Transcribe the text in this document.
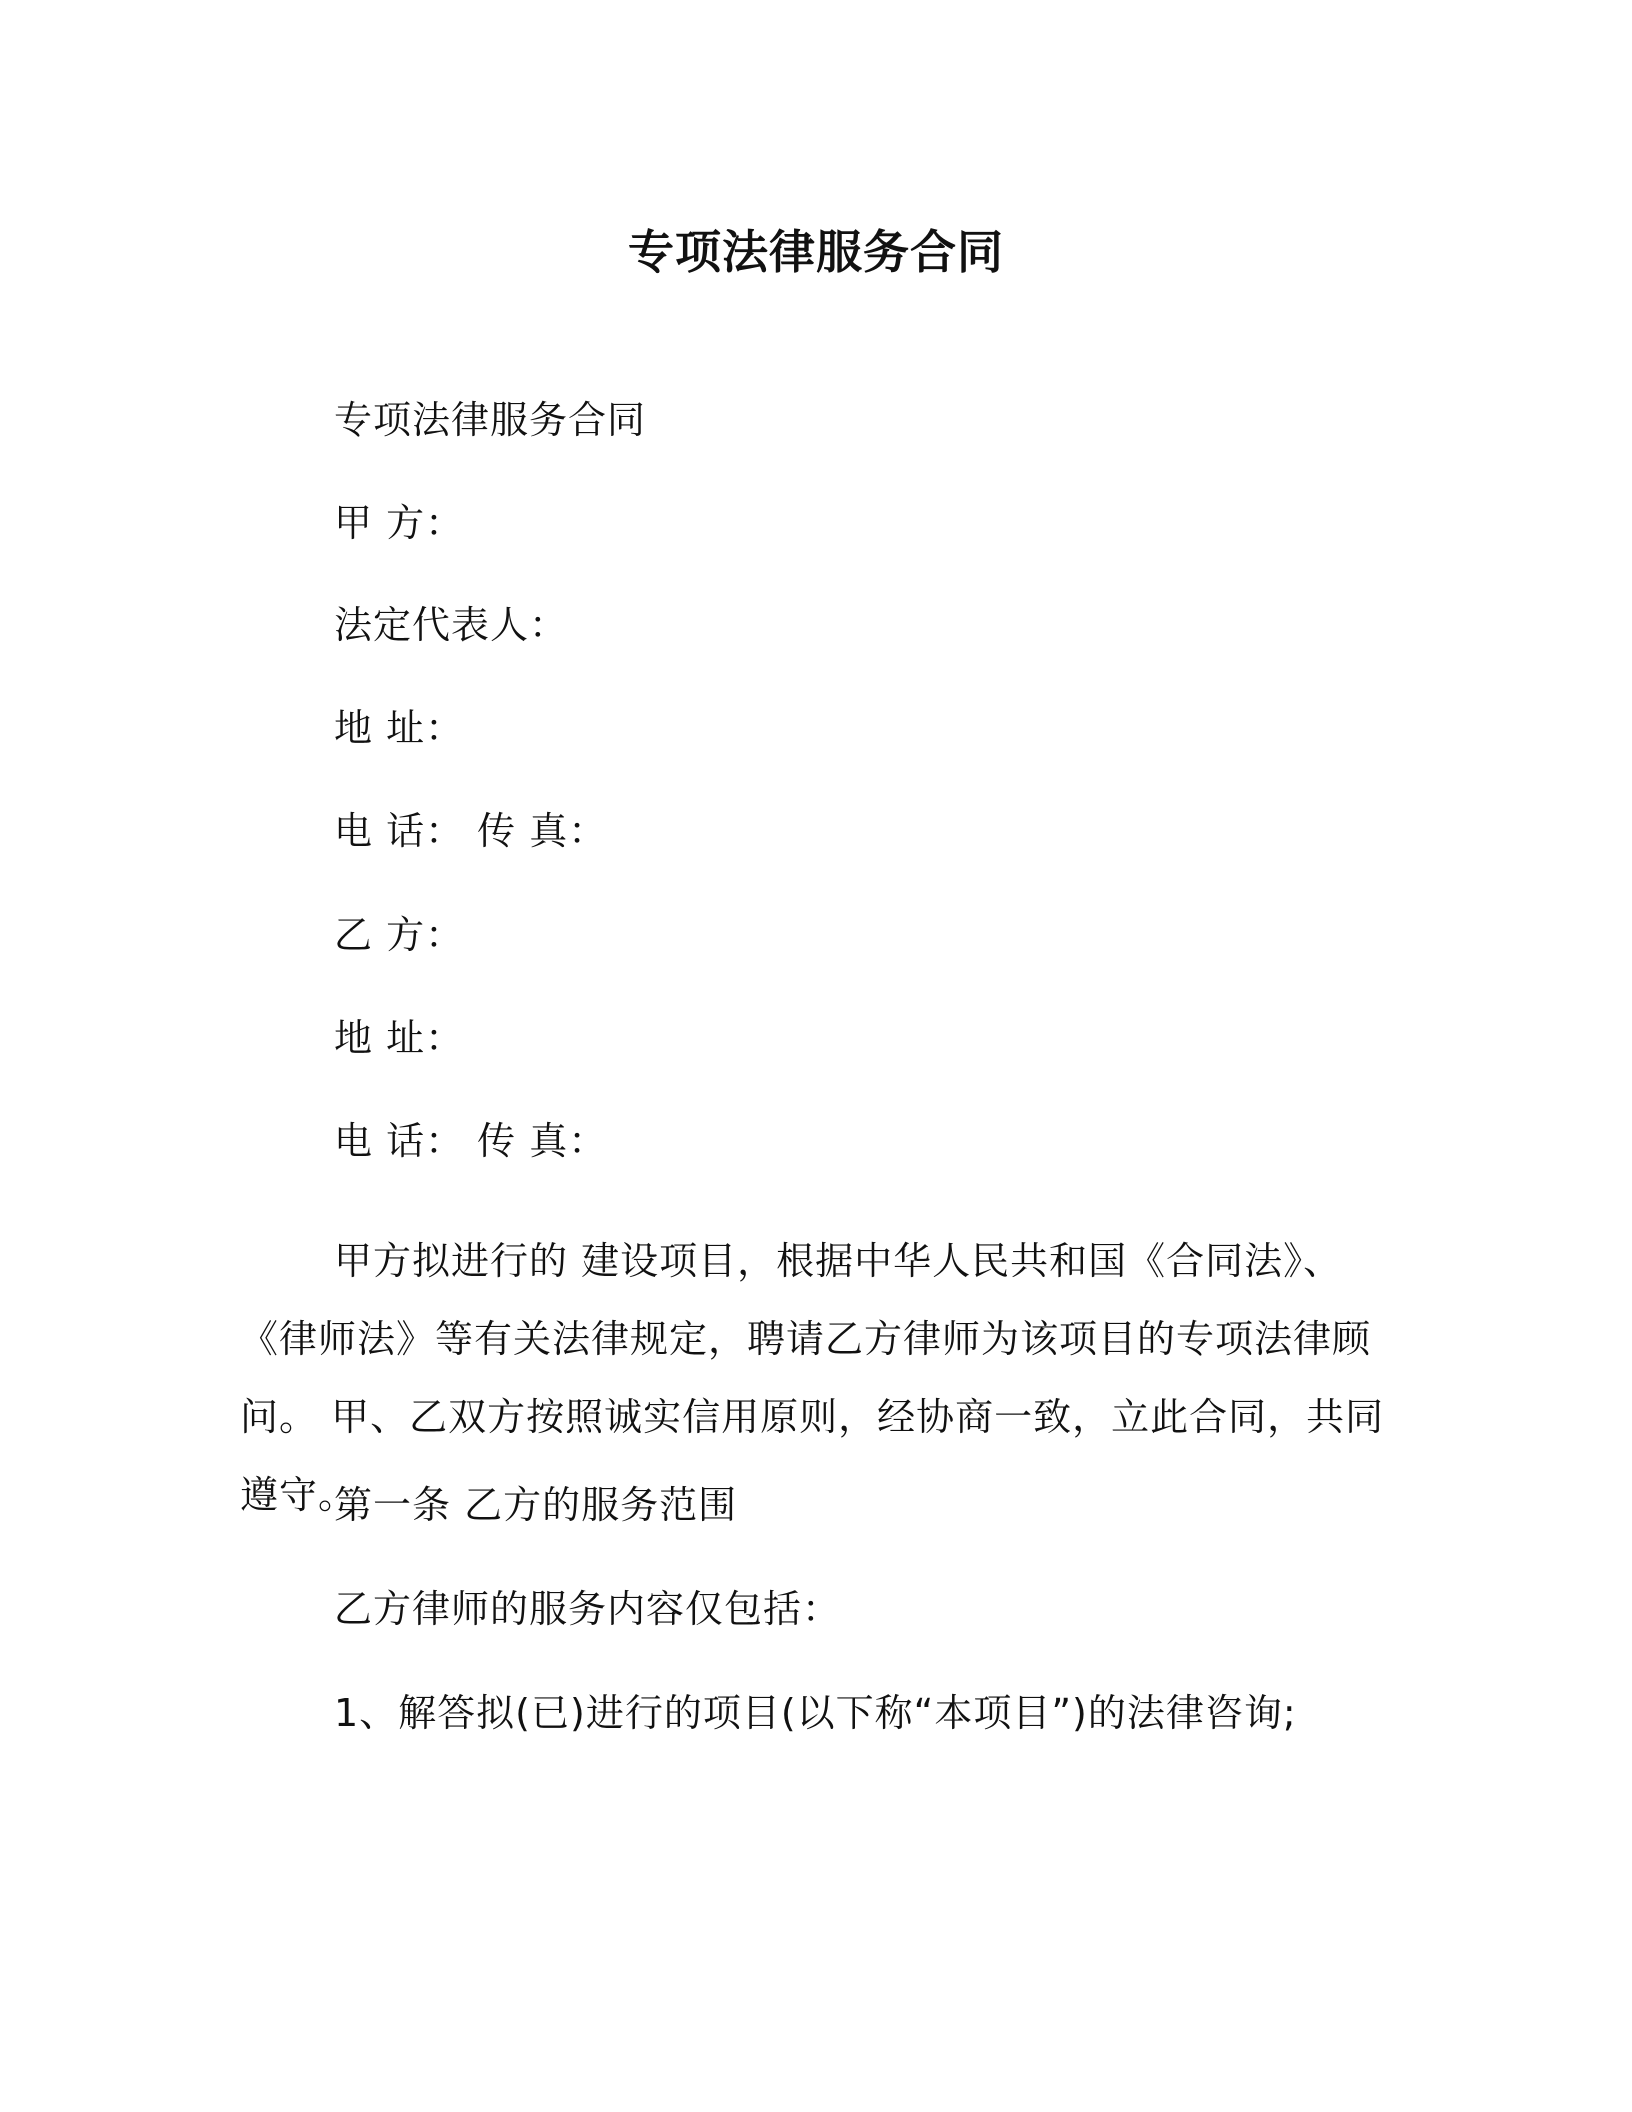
专项法律服务合同
专项法律服务合同
甲 方：
法定代表人：
地 址：
电 话： 传 真：
乙 方：
地 址：
电 话： 传 真：
甲方拟进行的 建设项目，根据中华人民共和国《合同法》、《律师法》等有关法律规定，聘请乙方律师为该项目的专项法律顾问。 甲、乙双方按照诚实信用原则，经协商一致，立此合同，共同遵守。
第一条 乙方的服务范围
乙方律师的服务内容仅包括：
1、解答拟(已)进行的项目(以下称“本项目”)的法律咨询;
